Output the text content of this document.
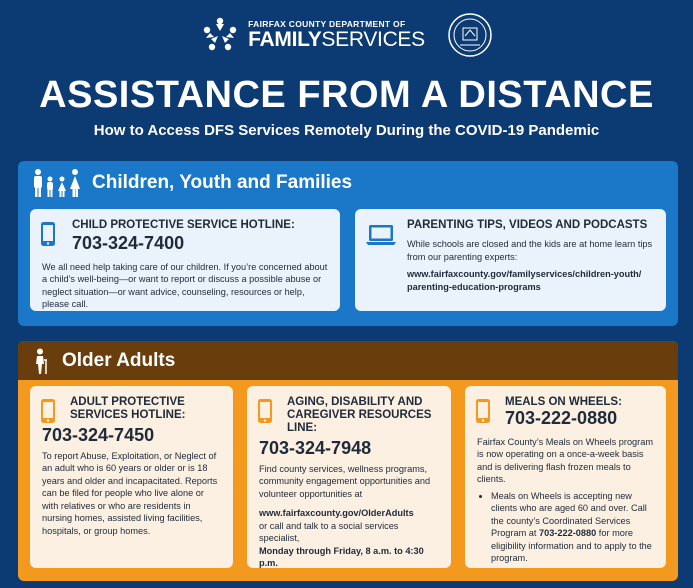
FAIRFAX COUNTY DEPARTMENT OF
FAMILYSERVICES
ASSISTANCE FROM A DISTANCE
How to Access DFS Services Remotely During the COVID-19 Pandemic
Children, Youth and Families
CHILD PROTECTIVE SERVICE HOTLINE:
703-324-7400
We all need help taking care of our children. If you’re concerned about a child’s well-being—or want to report or discuss a possible abuse or neglect situation—or want advice, counseling, resources or help, please call.
PARENTING TIPS, VIDEOS AND PODCASTS
While schools are closed and the kids are at home learn tips from our parenting experts:
www.fairfaxcounty.gov/familyservices/children-youth/
parenting-education-programs
Older Adults
ADULT PROTECTIVE
SERVICES HOTLINE:
703-324-7450
To report Abuse, Exploitation, or Neglect of an adult who is 60 years or older or is 18 years and older and incapacitated. Reports can be filed for people who live alone or with relatives or who are residents in nursing homes, assisted living facilities, hospitals, or group homes.
AGING, DISABILITY AND
CAREGIVER RESOURCES LINE:
703-324-7948
Find county services, wellness programs, community engagement opportunities and volunteer opportunities at
www.fairfaxcounty.gov/OlderAdults
or call and talk to a social services specialist,
Monday through Friday, 8 a.m. to 4:30 p.m.
MEALS ON WHEELS:
703-222-0880
Fairfax County’s Meals on Wheels program is now operating on a once-a-week basis and is delivering flash frozen meals to clients.
• Meals on Wheels is accepting new clients who are aged 60 and over. Call the county’s Coordinated Services Program at 703-222-0880 for more eligibility information and to apply to the program.
